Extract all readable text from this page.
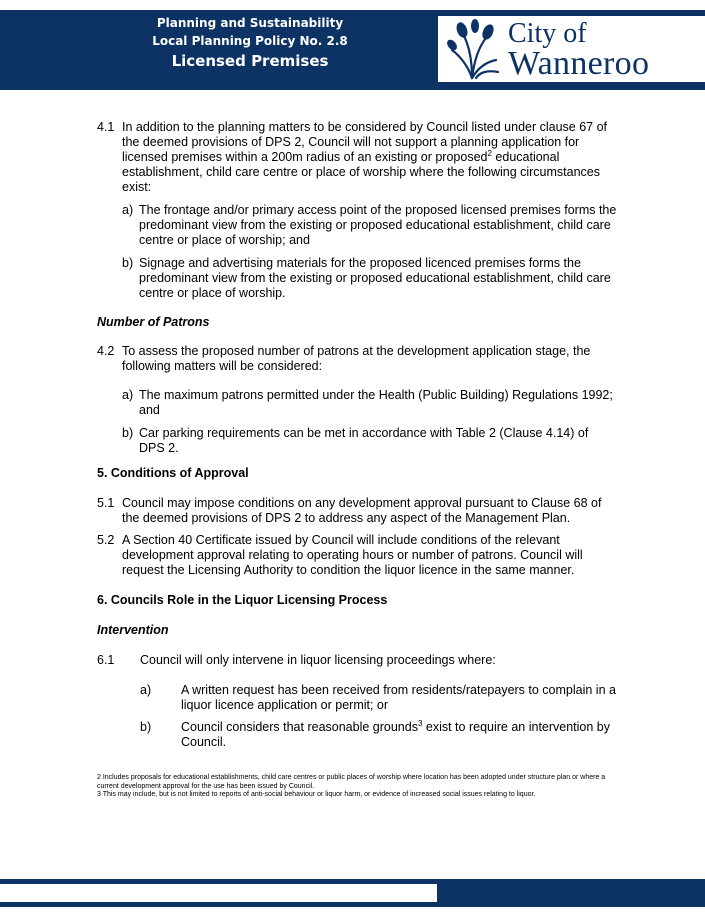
Planning and Sustainability
Local Planning Policy No. 2.8
Licensed Premises
City of
Wanneroo
4.1 In addition to the planning matters to be considered by Council listed under clause 67 of the deemed provisions of DPS 2, Council will not support a planning application for licensed premises within a 200m radius of an existing or proposed$^2$ educational establishment, child care centre or place of worship where the following circumstances exist:
a) The frontage and/or primary access point of the proposed licensed premises forms the predominant view from the existing or proposed educational establishment, child care centre or place of worship; and
b) Signage and advertising materials for the proposed licenced premises forms the predominant view from the existing or proposed educational establishment, child care centre or place of worship.
Number of Patrons
4.2 To assess the proposed number of patrons at the development application stage, the following matters will be considered:
a) The maximum patrons permitted under the Health (Public Building) Regulations 1992; and
b) Car parking requirements can be met in accordance with Table 2 (Clause 4.14) of DPS 2.
5. Conditions of Approval
5.1 Council may impose conditions on any development approval pursuant to Clause 68 of the deemed provisions of DPS 2 to address any aspect of the Management Plan.
5.2 A Section 40 Certificate issued by Council will include conditions of the relevant development approval relating to operating hours or number of patrons. Council will request the Licensing Authority to condition the liquor licence in the same manner.
6. Councils Role in the Liquor Licensing Process
Intervention
6.1	Council will only intervene in liquor licensing proceedings where:
a) A written request has been received from residents/ratepayers to complain in a liquor licence application or permit; or
b) Council considers that reasonable grounds$^3$ exist to require an intervention by Council.
2 Includes proposals for educational establishments, child care centres or public places of worship where location has been adopted under structure plan or where a current development approval for the use has been issued by Council.
3 This may include, but is not limited to reports of anti-social behaviour or liquor harm, or evidence of increased social issues relating to liquor.
